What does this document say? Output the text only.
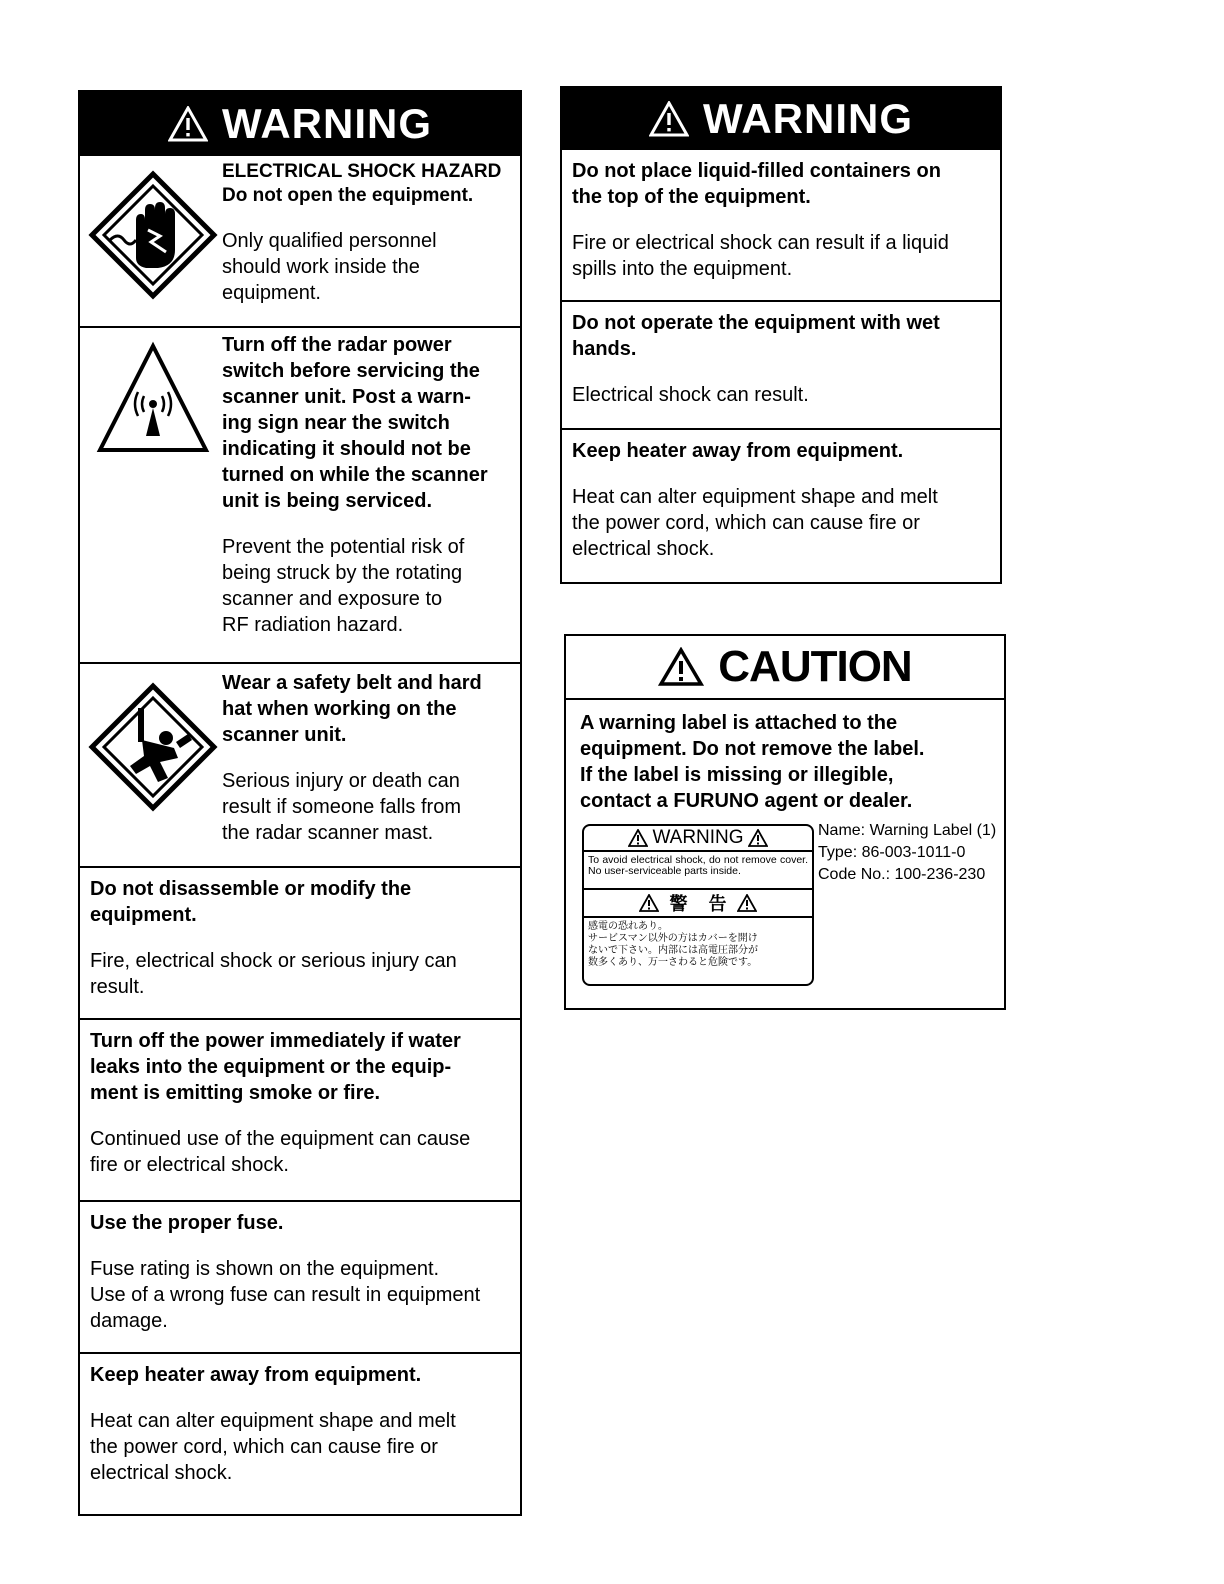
WARNING
ELECTRICAL SHOCK HAZARD
Do not open the equipment.
Only qualified personnel
should work inside the
equipment.
Turn off the radar power
switch before servicing the
scanner unit. Post a warn-
ing sign near the switch
indicating it should not be
turned on while the scanner
unit is being serviced.
Prevent the potential risk of
being struck by the rotating
scanner and exposure to
RF radiation hazard.
Wear a safety belt and hard
hat when working on the
scanner unit.
Serious injury or death can
result if someone falls from
the radar scanner mast.
Do not disassemble or modify the
equipment.
Fire, electrical shock or serious injury can
result.
Turn off the power immediately if water
leaks into the equipment or the equip-
ment is emitting smoke or fire.
Continued use of the equipment can cause
fire or electrical shock.
Use the proper fuse.
Fuse rating is shown on the equipment.
Use of a wrong fuse can result in equipment
damage.
Keep heater away from equipment.
Heat can alter equipment shape and melt
the power cord, which can cause fire or
electrical shock.
WARNING
Do not place liquid-filled containers on
the top of the equipment.
Fire or electrical shock can result if a liquid
spills into the equipment.
Do not operate the equipment with wet
hands.
Electrical shock can result.
Keep heater away from equipment.
Heat can alter equipment shape and melt
the power cord, which can cause fire or
electrical shock.
CAUTION
A warning label is attached to the
equipment. Do not remove the label.
If the label is missing or illegible,
contact a FURUNO agent or dealer.
WARNING
To avoid electrical shock, do not remove cover. No user-serviceable parts inside.
警 告
感電の恐れあり。
サービスマン以外の方はカバーを開け
ないで下さい。内部には高電圧部分が
数多くあり、万一さわると危険です。
Name: Warning Label (1)
Type: 86-003-1011-0
Code No.: 100-236-230
